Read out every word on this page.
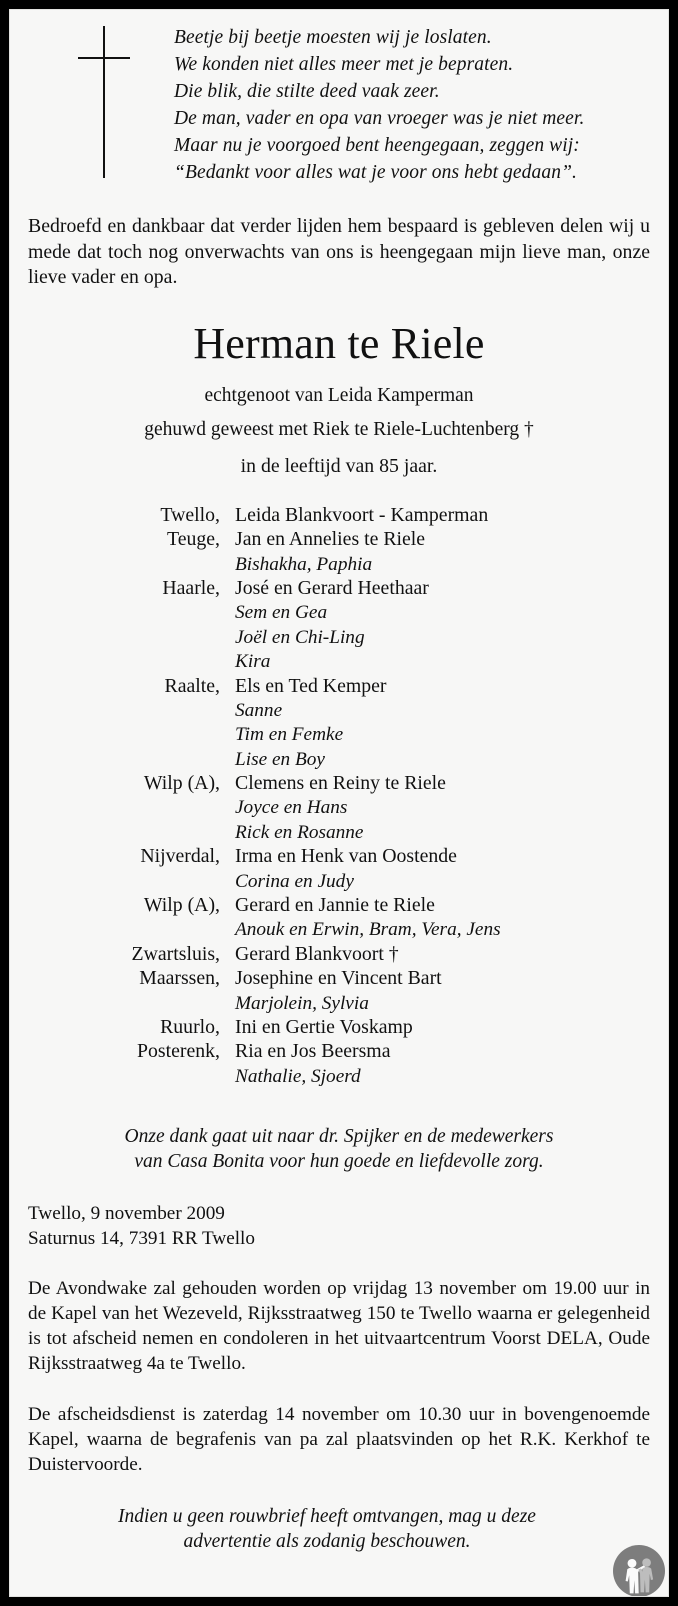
Beetje bij beetje moesten wij je loslaten.
We konden niet alles meer met je bepraten.
Die blik, die stilte deed vaak zeer.
De man, vader en opa van vroeger was je niet meer.
Maar nu je voorgoed bent heengegaan, zeggen wij:
“Bedankt voor alles wat je voor ons hebt gedaan”.
Bedroefd en dankbaar dat verder lijden hem bespaard is gebleven delen wij u mede dat toch nog onverwachts van ons is heengegaan mijn lieve man, onze lieve vader en opa.
Herman te Riele
echtgenoot van Leida Kamperman
gehuwd geweest met Riek te Riele-Luchtenberg †
in de leeftijd van 85 jaar.
Twello, Leida Blankvoort - Kamperman
Teuge, Jan en Annelies te Riele
Bishakha, Paphia
Haarle, José en Gerard Heethaar
Sem en Gea
Joël en Chi-Ling
Kira
Raalte, Els en Ted Kemper
Sanne
Tim en Femke
Lise en Boy
Wilp (A), Clemens en Reiny te Riele
Joyce en Hans
Rick en Rosanne
Nijverdal, Irma en Henk van Oostende
Corina en Judy
Wilp (A), Gerard en Jannie te Riele
Anouk en Erwin, Bram, Vera, Jens
Zwartsluis, Gerard Blankvoort †
Maarssen, Josephine en Vincent Bart
Marjolein, Sylvia
Ruurlo, Ini en Gertie Voskamp
Posterenk, Ria en Jos Beersma
Nathalie, Sjoerd
Onze dank gaat uit naar dr. Spijker en de medewerkers
van Casa Bonita voor hun goede en liefdevolle zorg.
Twello, 9 november 2009
Saturnus 14, 7391 RR Twello
De Avondwake zal gehouden worden op vrijdag 13 november om 19.00 uur in de Kapel van het Wezeveld, Rijksstraatweg 150 te Twello waarna er gelegenheid is tot afscheid nemen en condoleren in het uitvaartcentrum Voorst DELA, Oude Rijksstraatweg 4a te Twello.
De afscheidsdienst is zaterdag 14 november om 10.30 uur in bovengenoemde Kapel, waarna de begrafenis van pa zal plaatsvinden op het R.K. Kerkhof te Duistervoorde.
Indien u geen rouwbrief heeft omtvangen, mag u deze
advertentie als zodanig beschouwen.
